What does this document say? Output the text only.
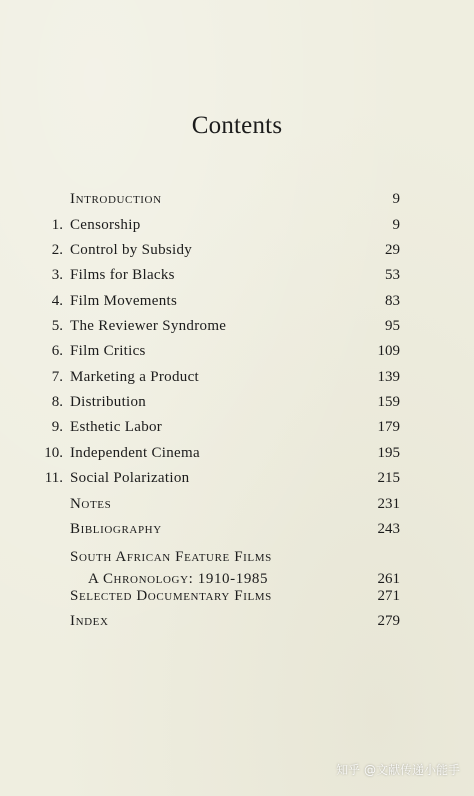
Contents
Introduction	9
1. Censorship	9
2. Control by Subsidy	29
3. Films for Blacks	53
4. Film Movements	83
5. The Reviewer Syndrome	95
6. Film Critics	109
7. Marketing a Product	139
8. Distribution	159
9. Esthetic Labor	179
10. Independent Cinema	195
11. Social Polarization	215
Notes	231
Bibliography	243
South African Feature Films
A Chronology: 1910-1985	261
Selected Documentary Films	271
Index	279
知乎 @文献传递小能手
